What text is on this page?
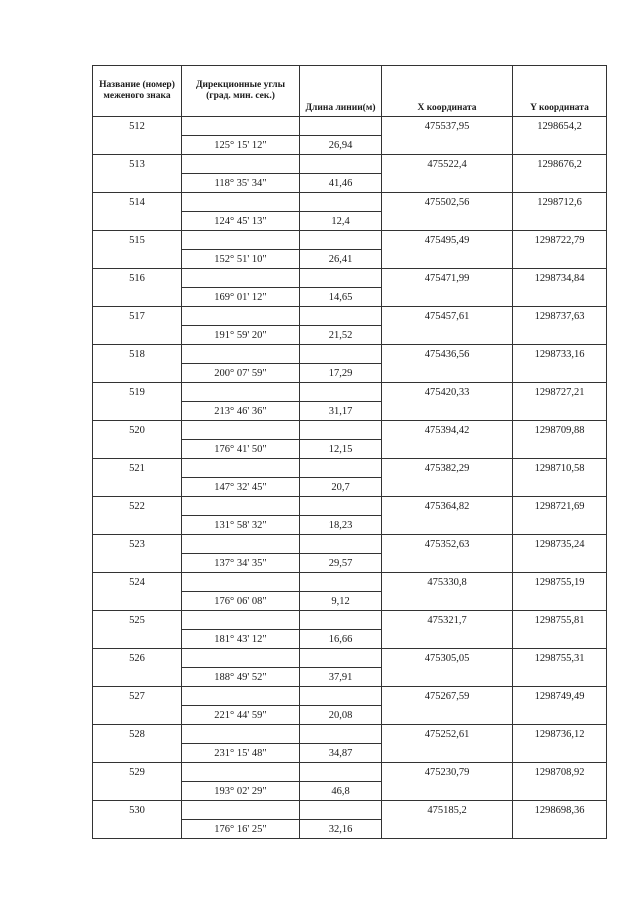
Название (номер) меженого знака	Дирекционные углы (град. мин. сек.)	Длина линии(м)	X координата	Y координата
512			475537,95	1298654,2
	125° 15' 12"	26,94		
513			475522,4	1298676,2
	118° 35' 34"	41,46		
514			475502,56	1298712,6
	124° 45' 13"	12,4		
515			475495,49	1298722,79
	152° 51' 10"	26,41		
516			475471,99	1298734,84
	169° 01' 12"	14,65		
517			475457,61	1298737,63
	191° 59' 20"	21,52		
518			475436,56	1298733,16
	200° 07' 59"	17,29		
519			475420,33	1298727,21
	213° 46' 36"	31,17		
520			475394,42	1298709,88
	176° 41' 50"	12,15		
521			475382,29	1298710,58
	147° 32' 45"	20,7		
522			475364,82	1298721,69
	131° 58' 32"	18,23		
523			475352,63	1298735,24
	137° 34' 35"	29,57		
524			475330,8	1298755,19
	176° 06' 08"	9,12		
525			475321,7	1298755,81
	181° 43' 12"	16,66		
526			475305,05	1298755,31
	188° 49' 52"	37,91		
527			475267,59	1298749,49
	221° 44' 59"	20,08		
528			475252,61	1298736,12
	231° 15' 48"	34,87		
529			475230,79	1298708,92
	193° 02' 29"	46,8		
530			475185,2	1298698,36
	176° 16' 25"	32,16		
